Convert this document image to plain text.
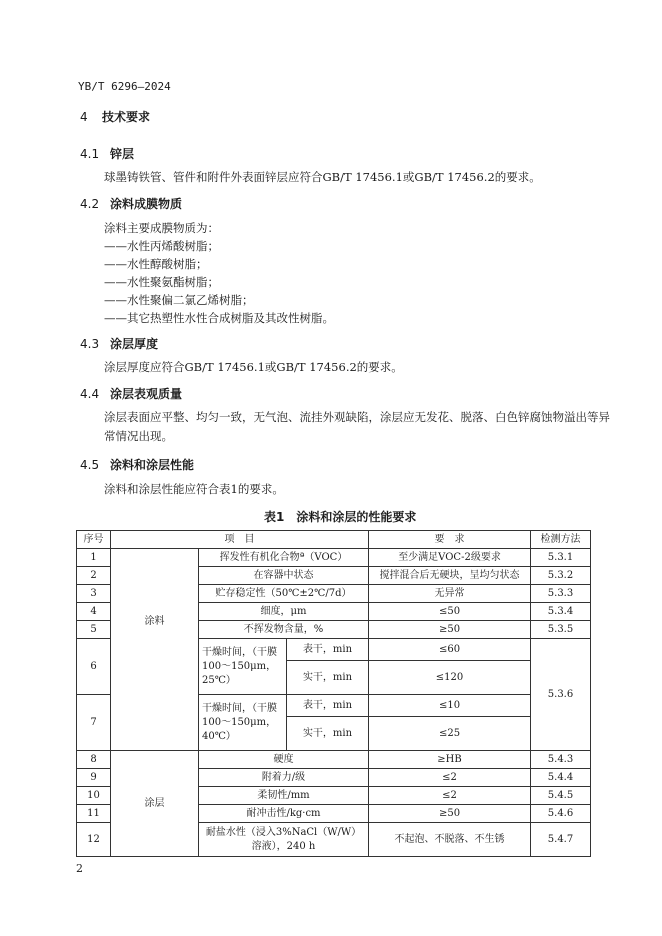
YB/T 6296—2024
4 技术要求
4.1 锌层
球墨铸铁管、管件和附件外表面锌层应符合GB/T 17456.1或GB/T 17456.2的要求。
4.2 涂料成膜物质
涂料主要成膜物质为：
——水性丙烯酸树脂；
——水性醇酸树脂；
——水性聚氨酯树脂；
——水性聚偏二氯乙烯树脂；
——其它热塑性水性合成树脂及其改性树脂。
4.3 涂层厚度
涂层厚度应符合GB/T 17456.1或GB/T 17456.2的要求。
4.4 涂层表观质量
涂层表面应平整、均匀一致，无气泡、流挂外观缺陷，涂层应无发花、脱落、白色锌腐蚀物溢出等异常情况出现。
4.5 涂料和涂层性能
涂料和涂层性能应符合表1的要求。
表1　涂料和涂层的性能要求
序号	项　目			要　求	检测方法
1	涂料	挥发性有机化合物ª（VOC）		至少满足VOC-2级要求	5.3.1
2		在容器中状态		搅拌混合后无硬块，呈均匀状态	5.3.2
3		贮存稳定性（50℃±2℃/7d）		无异常	5.3.3
4		细度，μm		≤50	5.3.4
5		不挥发物含量，%		≥50	5.3.5
6		干燥时间，（干膜100～150μm，25℃）	表干，min	≤60	5.3.6
			实干，min	≤120	
7		干燥时间，（干膜100～150μm，40℃）	表干，min	≤10	
			实干，min	≤25	
8	涂层	硬度		≥HB	5.4.3
9		附着力/级		≤2	5.4.4
10		柔韧性/mm		≤2	5.4.5
11		耐冲击性/kg·cm		≥50	5.4.6
12		耐盐水性（浸入3%NaCl（W/W）溶液），240 h		不起泡、不脱落、不生锈	5.4.7
2
